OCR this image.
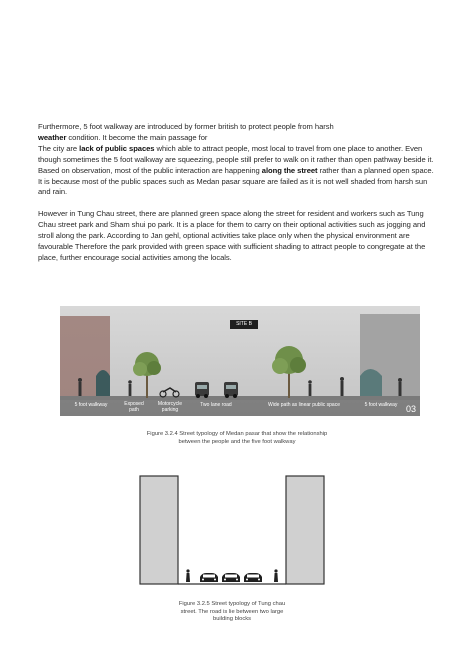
Furthermore, 5 foot walkway are introduced by former british to protect people from harsh
weather condition. It become the main passage for
The city are lack of public spaces which able to attract people, most local to travel from one place to another. Even though sometimes the 5 foot walkway are squeezing, people still prefer to walk on it rather than open pathway beside it. Based on observation, most of the public interaction are happening along the street rather than a planned open space. It is because most of the public spaces such as Medan pasar square are failed as it is not well shaded from harsh sun and rain.

However in Tung Chau street, there are planned green space along the street for resident and workers such as Tung Chau street park and Sham shui po park. It is a place for them to carry on their optional activities such as jogging and stroll along the park. According to Jan gehl, optional activities take place only when the physical environment are favourable Therefore the park provided with green space with sufficient shading to attract people to congregate at the place, further encourage social activities among the locals.

SITE B
5 foot walkway	Exposed path
Motorcycle parking
Two lane road	Wide path as linear public space	5 foot walkway 03
Figure 3.2.4 Street typology of Medan pasar that show the relationship
between the people and the five foot walkway
Figure 3.2.5 Street typology of Tung chau
street. The road is lie between two large
building blocks
